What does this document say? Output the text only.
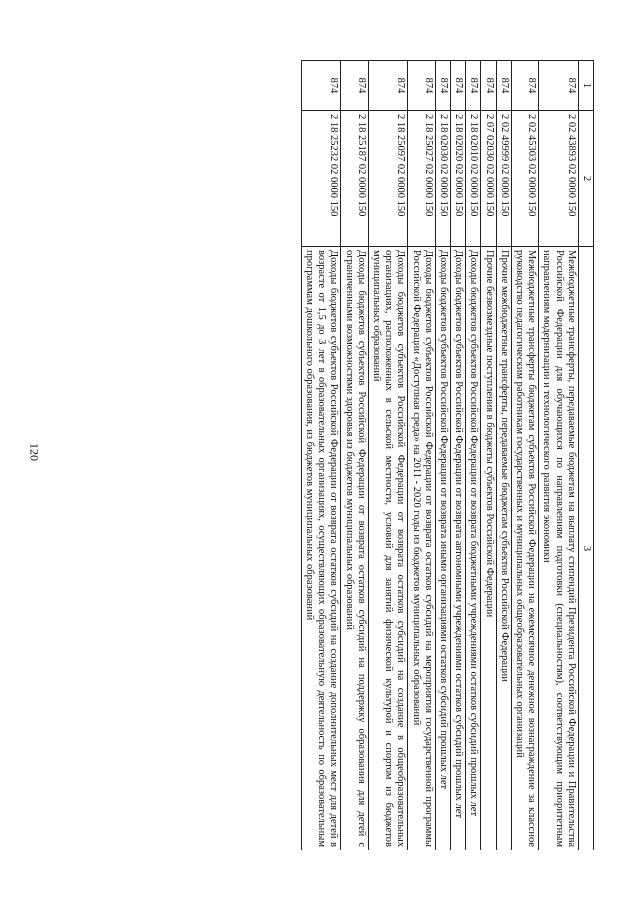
120
1	2	3
874	2 02 43893 02 0000 150	Межбюджетные трансферты, передаваемые бюджетам на выплату стипендий Президента Российской Федерации и Правительства Российской Федерации для обучающихся по направлениям подготовки (специальностям), соответствующим приоритетным направлениям модернизации и технологического развития экономики
874	2 02 45303 02 0000 150	Межбюджетные трансферты бюджетам субъектов Российской Федерации на ежемесячное денежное вознаграждение за классное руководство педагогическим работникам государственных и муниципальных общеобразовательных организаций
874	2 02 49999 02 0000 150	Прочие межбюджетные трансферты, передаваемые бюджетам субъектов Российской Федерации
874	2 07 02030 02 0000 150	Прочие безвозмездные поступления в бюджеты субъектов Российской Федерации
874	2 18 02010 02 0000 150	Доходы бюджетов субъектов Российской Федерации от возврата бюджетными учреждениями остатков субсидий прошлых лет
874	2 18 02020 02 0000 150	Доходы бюджетов субъектов Российской Федерации от возврата автономными учреждениями остатков субсидий прошлых лет
874	2 18 02030 02 0000 150	Доходы бюджетов субъектов Российской Федерации от возврата иными организациями остатков субсидий прошлых лет
874	2 18 25027 02 0000 150	Доходы бюджетов субъектов Российской Федерации от возврата остатков субсидий на мероприятия государственной программы Российской Федерации «Доступная среда» на 2011 - 2020 годы из бюджетов муниципальных образований
874	2 18 25097 02 0000 150	Доходы бюджетов субъектов Российской Федерации от возврата остатков субсидий на создание в общеобразовательных организациях, расположенных в сельской местности, условий для занятий физической культурой и спортом из бюджетов муниципальных образований
874	2 18 25187 02 0000 150	Доходы бюджетов субъектов Российской Федерации от возврата остатков субсидий на поддержку образования для детей с ограниченными возможностями здоровья из бюджетов муниципальных образований
874	2 18 25232 02 0000 150	Доходы бюджетов субъектов Российской Федерации от возврата остатков субсидий на создание дополнительных мест для детей в возрасте от 1,5 до 3 лет в образовательных организациях, осуществляющих образовательную деятельность по образовательным программам дошкольного образования, из бюджетов муниципальных образований
